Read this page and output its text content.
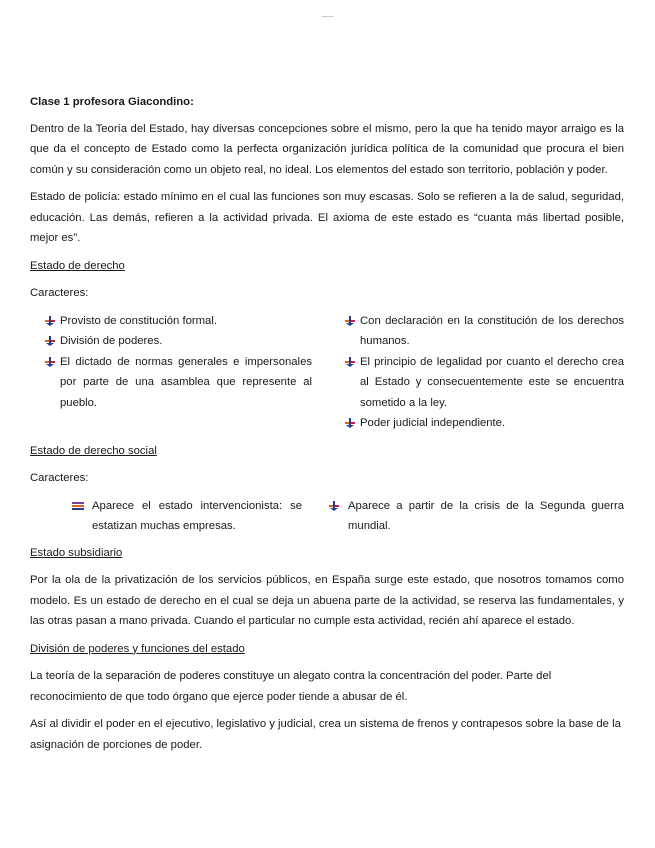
——
Clase 1 profesora Giacondino:

Dentro de la Teoría del Estado, hay diversas concepciones sobre el mismo, pero la que ha tenido mayor arraigo es la que da el concepto de Estado como la perfecta organización jurídica política de la comunidad que procura el bien común y su consideración como un objeto real, no ideal. Los elementos del estado son territorio, población y poder.

Estado de policía: estado mínimo en el cual las funciones son muy escasas. Solo se refieren a la de salud, seguridad, educación. Las demás, refieren a la actividad privada. El axioma de este estado es “cuanta más libertad posible, mejor es”.

Estado de derecho
Caracteres:
Provisto de constitución formal.
División de poderes.
El dictado de normas generales e impersonales por parte de una asamblea que represente al pueblo.
Con declaración en la constitución de los derechos humanos.
El principio de legalidad por cuanto el derecho crea al Estado y consecuentemente este se encuentra sometido a la ley.
Poder judicial independiente.
Estado de derecho social
Caracteres:
Aparece el estado intervencionista: se estatizan muchas empresas.
Aparece a partir de la crisis de la Segunda guerra mundial.
Estado subsidiario

Por la ola de la privatización de los servicios públicos, en España surge este estado, que nosotros tomamos como modelo. Es un estado de derecho en el cual se deja un abuena parte de la actividad, se reserva las fundamentales, y las otras pasan a mano privada. Cuando el particular no cumple esta actividad, recién ahí aparece el estado.

División de poderes y funciones del estado

La teoría de la separación de poderes constituye un alegato contra la concentración del poder. Parte del reconocimiento de que todo órgano que ejerce poder tiende a abusar de él.

Así al dividir el poder en el ejecutivo, legislativo y judicial, crea un sistema de frenos y contrapesos sobre la base de la asignación de porciones de poder.
